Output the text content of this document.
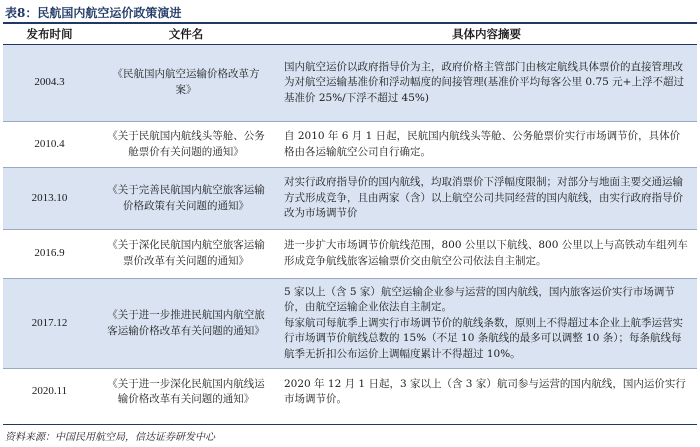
表8：民航国内航空运价政策演进
发布时间	文件名	具体内容摘要
2004.3	《民航国内航空运输价格改革方案》	国内航空运价以政府指导价为主，政府价格主管部门由核定航线具体票价的直接管理改为对航空运输基准价和浮动幅度的间接管理(基准价平均每客公里 0.75 元+上浮不超过基准价 25%/下浮不超过 45%)
2010.4	《关于民航国内航线头等舱、公务舱票价有关问题的通知》	自 2010 年 6 月 1 日起，民航国内航线头等舱、公务舱票价实行市场调节价，具体价格由各运输航空公司自行确定。
2013.10	《关于完善民航国内航空旅客运输价格政策有关问题的通知》	对实行政府指导价的国内航线，均取消票价下浮幅度限制；对部分与地面主要交通运输方式形成竞争，且由两家（含）以上航空公司共同经营的国内航线，由实行政府指导价改为市场调节价
2016.9	《关于深化民航国内航空旅客运输票价改革有关问题的通知》	进一步扩大市场调节价航线范围，800 公里以下航线、800 公里以上与高铁动车组列车形成竞争航线旅客运输票价交由航空公司依法自主制定。
2017.12	《关于进一步推进民航国内航空旅客运输价格改革有关问题的通知》	5 家以上（含 5 家）航空运输企业参与运营的国内航线，国内旅客运价实行市场调节价，由航空运输企业依法自主制定。
每家航司每航季上调实行市场调节价的航线条数，原则上不得超过本企业上航季运营实行市场调节价航线总数的 15%（不足 10 条航线的最多可以调整 10 条）；每条航线每航季无折扣公布运价上调幅度累计不得超过 10%。
2020.11	《关于进一步深化民航国内航线运输价格改革有关问题的通知》	2020 年 12 月 1 日起，3 家以上（含 3 家）航司参与运营的国内航线，国内运价实行市场调节价。
资料来源：中国民用航空局，信达证券研发中心
